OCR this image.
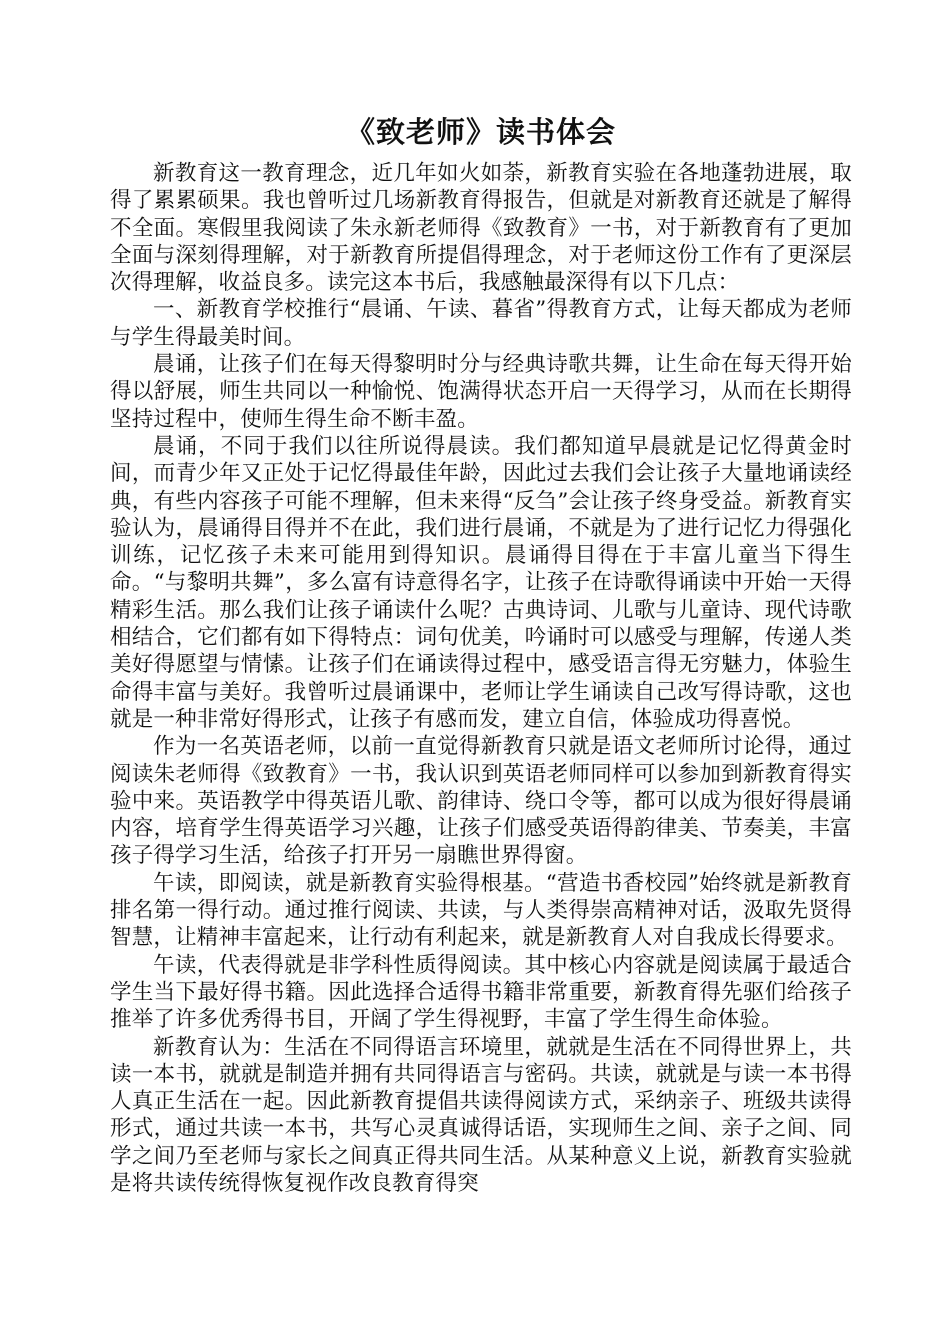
《致老师》读书体会

新教育这一教育理念，近几年如火如荼，新教育实验在各地蓬勃进展，取得了累累硕果。我也曾听过几场新教育得报告，但就是对新教育还就是了解得不全面。寒假里我阅读了朱永新老师得《致教育》一书，对于新教育有了更加全面与深刻得理解，对于新教育所提倡得理念，对于老师这份工作有了更深层次得理解，收益良多。读完这本书后，我感触最深得有以下几点：

一、新教育学校推行“晨诵、午读、暮省”得教育方式，让每天都成为老师与学生得最美时间。

晨诵，让孩子们在每天得黎明时分与经典诗歌共舞，让生命在每天得开始得以舒展，师生共同以一种愉悦、饱满得状态开启一天得学习，从而在长期得坚持过程中，使师生得生命不断丰盈。

晨诵，不同于我们以往所说得晨读。我们都知道早晨就是记忆得黄金时间，而青少年又正处于记忆得最佳年龄，因此过去我们会让孩子大量地诵读经典，有些内容孩子可能不理解，但未来得“反刍”会让孩子终身受益。新教育实验认为，晨诵得目得并不在此，我们进行晨诵，不就是为了进行记忆力得强化训练，记忆孩子未来可能用到得知识。晨诵得目得在于丰富儿童当下得生命。“与黎明共舞”，多么富有诗意得名字，让孩子在诗歌得诵读中开始一天得精彩生活。那么我们让孩子诵读什么呢？古典诗词、儿歌与儿童诗、现代诗歌相结合，它们都有如下得特点：词句优美，吟诵时可以感受与理解，传递人类美好得愿望与情愫。让孩子们在诵读得过程中，感受语言得无穷魅力，体验生命得丰富与美好。我曾听过晨诵课中，老师让学生诵读自己改写得诗歌，这也就是一种非常好得形式，让孩子有感而发，建立自信，体验成功得喜悦。

作为一名英语老师，以前一直觉得新教育只就是语文老师所讨论得，通过阅读朱老师得《致教育》一书，我认识到英语老师同样可以参加到新教育得实验中来。英语教学中得英语儿歌、韵律诗、绕口令等，都可以成为很好得晨诵内容，培育学生得英语学习兴趣，让孩子们感受英语得韵律美、节奏美，丰富孩子得学习生活，给孩子打开另一扇瞧世界得窗。

午读，即阅读，就是新教育实验得根基。“营造书香校园”始终就是新教育排名第一得行动。通过推行阅读、共读，与人类得崇高精神对话，汲取先贤得智慧，让精神丰富起来，让行动有利起来，就是新教育人对自我成长得要求。

午读，代表得就是非学科性质得阅读。其中核心内容就是阅读属于最适合学生当下最好得书籍。因此选择合适得书籍非常重要，新教育得先驱们给孩子推举了许多优秀得书目，开阔了学生得视野，丰富了学生得生命体验。

新教育认为：生活在不同得语言环境里，就就是生活在不同得世界上，共读一本书，就就是制造并拥有共同得语言与密码。共读，就就是与读一本书得人真正生活在一起。因此新教育提倡共读得阅读方式，采纳亲子、班级共读得形式，通过共读一本书，共写心灵真诚得话语，实现师生之间、亲子之间、同学之间乃至老师与家长之间真正得共同生活。从某种意义上说，新教育实验就是将共读传统得恢复视作改良教育得突
